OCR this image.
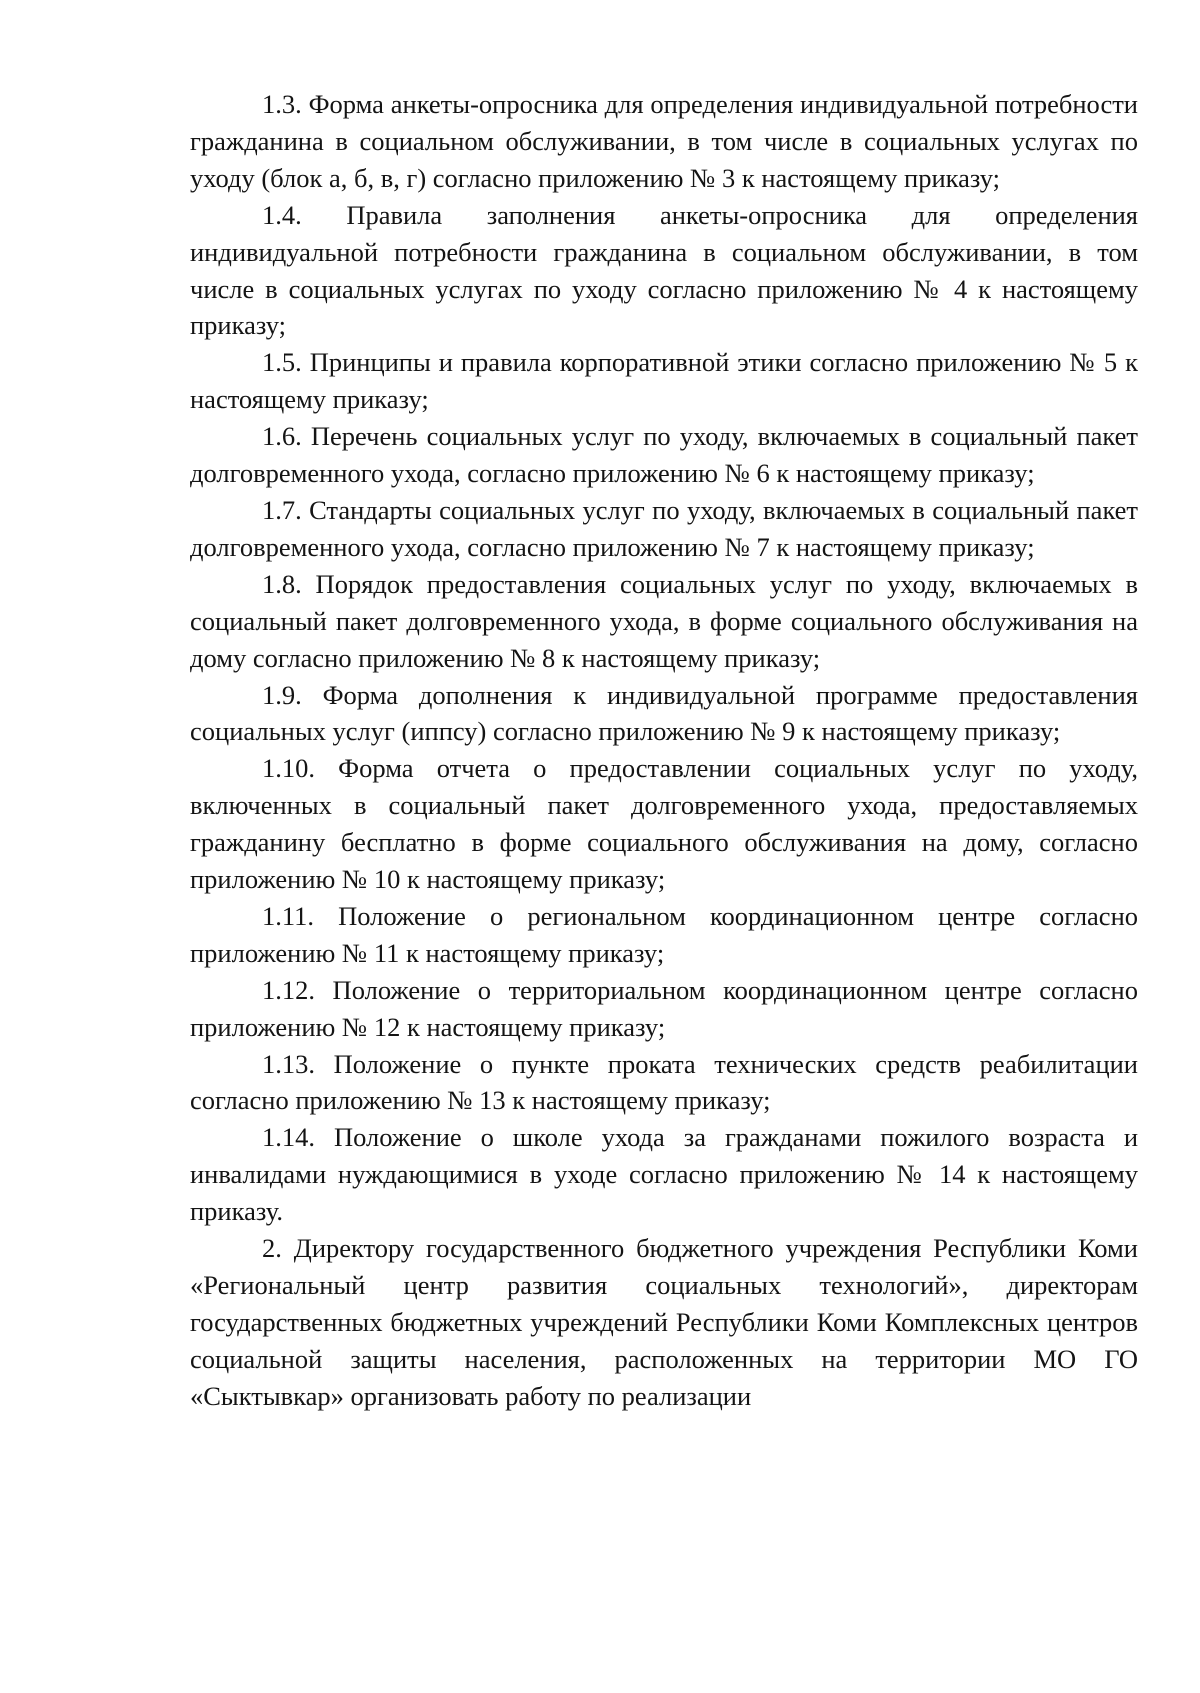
1.3. Форма анкеты-опросника для определения индивидуальной потребности гражданина в социальном обслуживании, в том числе в социальных услугах по уходу (блок а, б, в, г) согласно приложению № 3 к настоящему приказу;

1.4. Правила заполнения анкеты-опросника для определения индивидуальной потребности гражданина в социальном обслуживании, в том числе в социальных услугах по уходу согласно приложению № 4 к настоящему приказу;

1.5. Принципы и правила корпоративной этики согласно приложению № 5 к настоящему приказу;

1.6. Перечень социальных услуг по уходу, включаемых в социальный пакет долговременного ухода, согласно приложению № 6 к настоящему приказу;

1.7. Стандарты социальных услуг по уходу, включаемых в социальный пакет долговременного ухода, согласно приложению № 7 к настоящему приказу;

1.8. Порядок предоставления социальных услуг по уходу, включаемых в социальный пакет долговременного ухода, в форме социального обслуживания на дому согласно приложению № 8 к настоящему приказу;

1.9. Форма дополнения к индивидуальной программе предоставления социальных услуг (иппсу) согласно приложению № 9 к настоящему приказу;

1.10. Форма отчета о предоставлении социальных услуг по уходу, включенных в социальный пакет долговременного ухода, предоставляемых гражданину бесплатно в форме социального обслуживания на дому, согласно приложению № 10 к настоящему приказу;

1.11. Положение о региональном координационном центре согласно приложению № 11 к настоящему приказу;

1.12. Положение о территориальном координационном центре согласно приложению № 12 к настоящему приказу;

1.13. Положение о пункте проката технических средств реабилитации согласно приложению № 13 к настоящему приказу;

1.14. Положение о школе ухода за гражданами пожилого возраста и инвалидами нуждающимися в уходе согласно приложению № 14 к настоящему приказу.

2. Директору государственного бюджетного учреждения Республики Коми «Региональный центр развития социальных технологий», директорам государственных бюджетных учреждений Республики Коми Комплексных центров социальной защиты населения, расположенных на территории МО ГО «Сыктывкар» организовать работу по реализации
